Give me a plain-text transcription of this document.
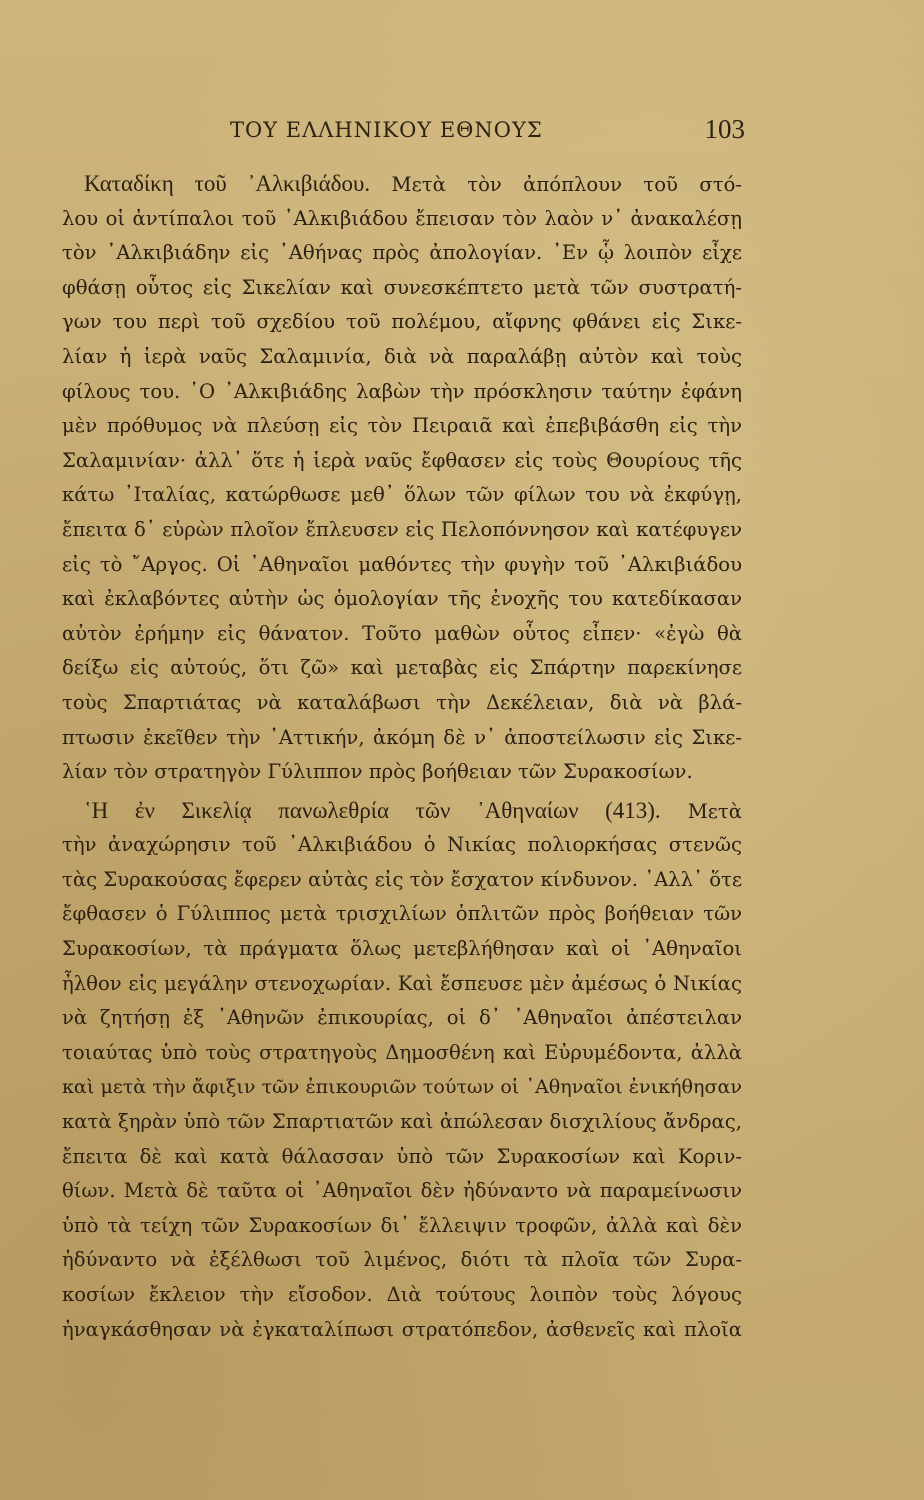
ΤΟΥ ΕΛΛΗΝΙΚΟΥ ΕΘΝΟΥΣ	103
Καταδίκη τοῦ ᾿Αλκιβιάδου. Μετὰ τὸν ἀπόπλουν τοῦ στό-
λου οἱ ἀντίπαλοι τοῦ ᾿Αλκιβιάδου ἔπεισαν τὸν λαὸν ν᾿ ἀνακαλέσῃ
τὸν ᾿Αλκιβιάδην εἰς ᾿Αθήνας πρὸς ἀπολογίαν. ᾿Εν ᾧ λοιπὸν εἶχε
φθάσῃ οὗτος εἰς Σικελίαν καὶ συνεσκέπτετο μετὰ τῶν συστρατή-
γων του περὶ τοῦ σχεδίου τοῦ πολέμου, αἴφνης φθάνει εἰς Σικε-
λίαν ἡ ἱερὰ ναῦς Σαλαμινία, διὰ νὰ παραλάβῃ αὐτὸν καὶ τοὺς
φίλους του. ῾Ο ᾿Αλκιβιάδης λαβὼν τὴν πρόσκλησιν ταύτην ἐφάνη
μὲν πρόθυμος νὰ πλεύσῃ εἰς τὸν Πειραιᾶ καὶ ἐπεβιβάσθη εἰς τὴν
Σαλαμινίαν· ἀλλ᾿ ὅτε ἡ ἱερὰ ναῦς ἔφθασεν εἰς τοὺς Θουρίους τῆς
κάτω ᾿Ιταλίας, κατώρθωσε μεθ᾿ ὅλων τῶν φίλων του νὰ ἐκφύγῃ,
ἔπειτα δ᾿ εὑρὼν πλοῖον ἔπλευσεν εἰς Πελοπόννησον καὶ κατέφυγεν
εἰς τὸ ῎Αργος. Οἱ ᾿Αθηναῖοι μαθόντες τὴν φυγὴν τοῦ ᾿Αλκιβιάδου
καὶ ἐκλαβόντες αὐτὴν ὡς ὁμολογίαν τῆς ἐνοχῆς του κατεδίκασαν
αὐτὸν ἐρήμην εἰς θάνατον. Τοῦτο μαθὼν οὗτος εἶπεν· «ἐγὼ θὰ
δείξω εἰς αὐτούς, ὅτι ζῶ» καὶ μεταβὰς εἰς Σπάρτην παρεκίνησε
τοὺς Σπαρτιάτας νὰ καταλάβωσι τὴν Δεκέλειαν, διὰ νὰ βλά-
πτωσιν ἐκεῖθεν τὴν ᾿Αττικήν, ἀκόμη δὲ ν᾿ ἀποστείλωσιν εἰς Σικε-
λίαν τὸν στρατηγὸν Γύλιππον πρὸς βοήθειαν τῶν Συρακοσίων.
῾Η ἐν Σικελίᾳ πανωλεθρία τῶν ᾿Αθηναίων (413). Μετὰ
τὴν ἀναχώρησιν τοῦ ᾿Αλκιβιάδου ὁ Νικίας πολιορκήσας στενῶς
τὰς Συρακούσας ἔφερεν αὐτὰς εἰς τὸν ἔσχατον κίνδυνον. ᾿Αλλ᾿ ὅτε
ἔφθασεν ὁ Γύλιππος μετὰ τρισχιλίων ὁπλιτῶν πρὸς βοήθειαν τῶν
Συρακοσίων, τὰ πράγματα ὅλως μετεβλήθησαν καὶ οἱ ᾿Αθηναῖοι
ἦλθον εἰς μεγάλην στενοχωρίαν. Καὶ ἔσπευσε μὲν ἀμέσως ὁ Νικίας
νὰ ζητήσῃ ἐξ ᾿Αθηνῶν ἐπικουρίας, οἱ δ᾿ ᾿Αθηναῖοι ἀπέστειλαν
τοιαύτας ὑπὸ τοὺς στρατηγοὺς Δημοσθένη καὶ Εὐρυμέδοντα, ἀλλὰ
καὶ μετὰ τὴν ἄφιξιν τῶν ἐπικουριῶν τούτων οἱ ᾿Αθηναῖοι ἐνικήθησαν
κατὰ ξηρὰν ὑπὸ τῶν Σπαρτιατῶν καὶ ἀπώλεσαν δισχιλίους ἄνδρας,
ἔπειτα δὲ καὶ κατὰ θάλασσαν ὑπὸ τῶν Συρακοσίων καὶ Κοριν-
θίων. Μετὰ δὲ ταῦτα οἱ ᾿Αθηναῖοι δὲν ἠδύναντο νὰ παραμείνωσιν
ὑπὸ τὰ τείχη τῶν Συρακοσίων δι᾿ ἔλλειψιν τροφῶν, ἀλλὰ καὶ δὲν
ἠδύναντο νὰ ἐξέλθωσι τοῦ λιμένος, διότι τὰ πλοῖα τῶν Συρα-
κοσίων ἔκλειον τὴν εἴσοδον. Διὰ τούτους λοιπὸν τοὺς λόγους
ἠναγκάσθησαν νὰ ἐγκαταλίπωσι στρατόπεδον, ἀσθενεῖς καὶ πλοῖα
